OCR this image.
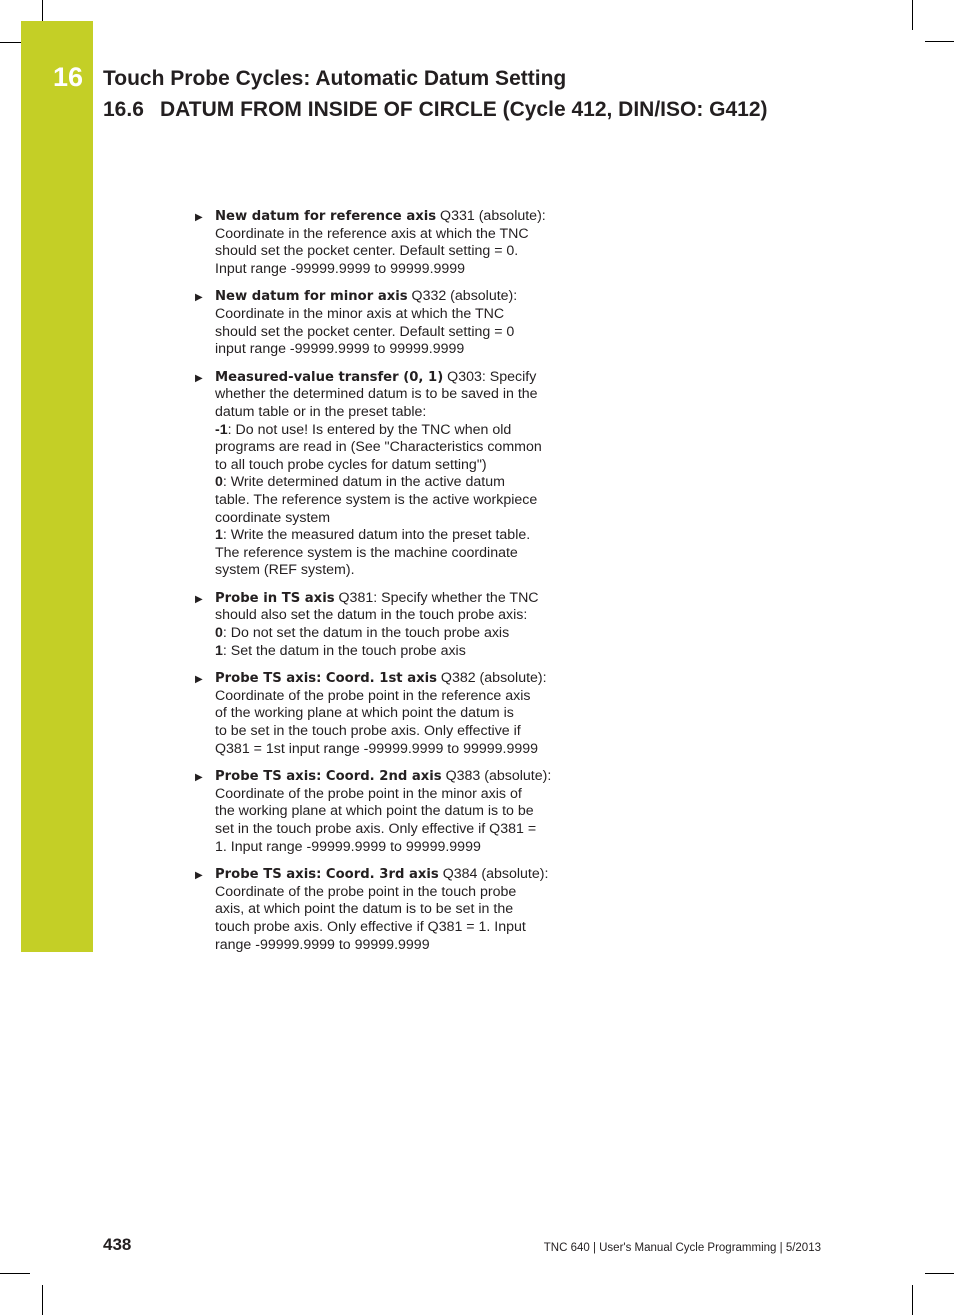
16 Touch Probe Cycles: Automatic Datum Setting
16.6 DATUM FROM INSIDE OF CIRCLE (Cycle 412, DIN/ISO: G412)
▶ New datum for reference axis Q331 (absolute):
Coordinate in the reference axis at which the TNC
should set the pocket center. Default setting = 0.
Input range -99999.9999 to 99999.9999
▶ New datum for minor axis Q332 (absolute):
Coordinate in the minor axis at which the TNC
should set the pocket center. Default setting = 0
input range -99999.9999 to 99999.9999
▶ Measured-value transfer (0, 1) Q303: Specify
whether the determined datum is to be saved in the
datum table or in the preset table:
-1: Do not use! Is entered by the TNC when old
programs are read in (See "Characteristics common
to all touch probe cycles for datum setting")
0: Write determined datum in the active datum
table. The reference system is the active workpiece
coordinate system
1: Write the measured datum into the preset table.
The reference system is the machine coordinate
system (REF system).
▶ Probe in TS axis Q381: Specify whether the TNC
should also set the datum in the touch probe axis:
0: Do not set the datum in the touch probe axis
1: Set the datum in the touch probe axis
▶ Probe TS axis: Coord. 1st axis Q382 (absolute):
Coordinate of the probe point in the reference axis
of the working plane at which point the datum is
to be set in the touch probe axis. Only effective if
Q381 = 1st input range -99999.9999 to 99999.9999
▶ Probe TS axis: Coord. 2nd axis Q383 (absolute):
Coordinate of the probe point in the minor axis of
the working plane at which point the datum is to be
set in the touch probe axis. Only effective if Q381 =
1. Input range -99999.9999 to 99999.9999
▶ Probe TS axis: Coord. 3rd axis Q384 (absolute):
Coordinate of the probe point in the touch probe
axis, at which point the datum is to be set in the
touch probe axis. Only effective if Q381 = 1. Input
range -99999.9999 to 99999.9999
438	TNC 640 | User's Manual Cycle Programming | 5/2013
